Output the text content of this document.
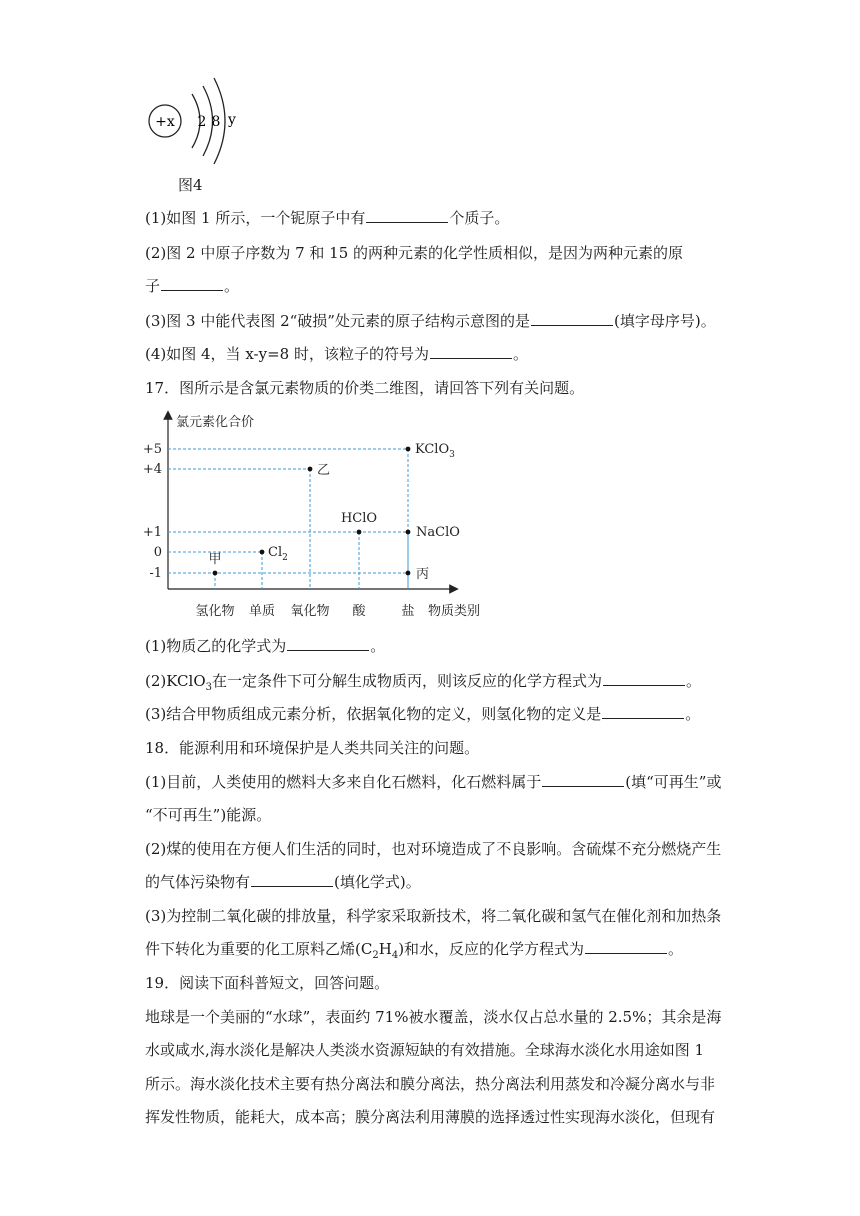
+x 2 8 y
图4
(1)如图 1 所示，一个铌原子中有	个质子。
(2)图 2 中原子序数为 7 和 15 的两种元素的化学性质相似，是因为两种元素的原
子	。
(3)图 3 中能代表图 2“破损”处元素的原子结构示意图的是	(填字母序号)。
(4)如图 4，当 x-y=8 时，该粒子的符号为	。
17．图所示是含氯元素物质的价类二维图，请回答下列有关问题。
氯元素化合价
物质类别
+5
+4
+1
0
-1
氢化物 单质 氧化物 酸	盐
甲	$Cl_2$
乙
HClO
KClO$_3$
NaClO
丙
(1)物质乙的化学式为	。
(2)KClO$_3$在一定条件下可分解生成物质丙，则该反应的化学方程式为	。
(3)结合甲物质组成元素分析，依据氧化物的定义，则氢化物的定义是	。
18．能源利用和环境保护是人类共同关注的问题。
(1)目前，人类使用的燃料大多来自化石燃料，化石燃料属于	(填“可再生”或
“不可再生”)能源。
(2)煤的使用在方便人们生活的同时，也对环境造成了不良影响。含硫煤不充分燃烧产生
的气体污染物有	(填化学式)。
(3)为控制二氧化碳的排放量，科学家采取新技术，将二氧化碳和氢气在催化剂和加热条
件下转化为重要的化工原料乙烯$(C_2H_4)$和水，反应的化学方程式为	。
19．阅读下面科普短文，回答问题。
地球是一个美丽的“水球”，表面约 71%被水覆盖，淡水仅占总水量的 2.5%；其余是海
水或咸水,海水淡化是解决人类淡水资源短缺的有效措施。全球海水淡化水用途如图 1
所示。海水淡化技术主要有热分离法和膜分离法，热分离法利用蒸发和冷凝分离水与非
挥发性物质，能耗大，成本高；膜分离法利用薄膜的选择透过性实现海水淡化，但现有
